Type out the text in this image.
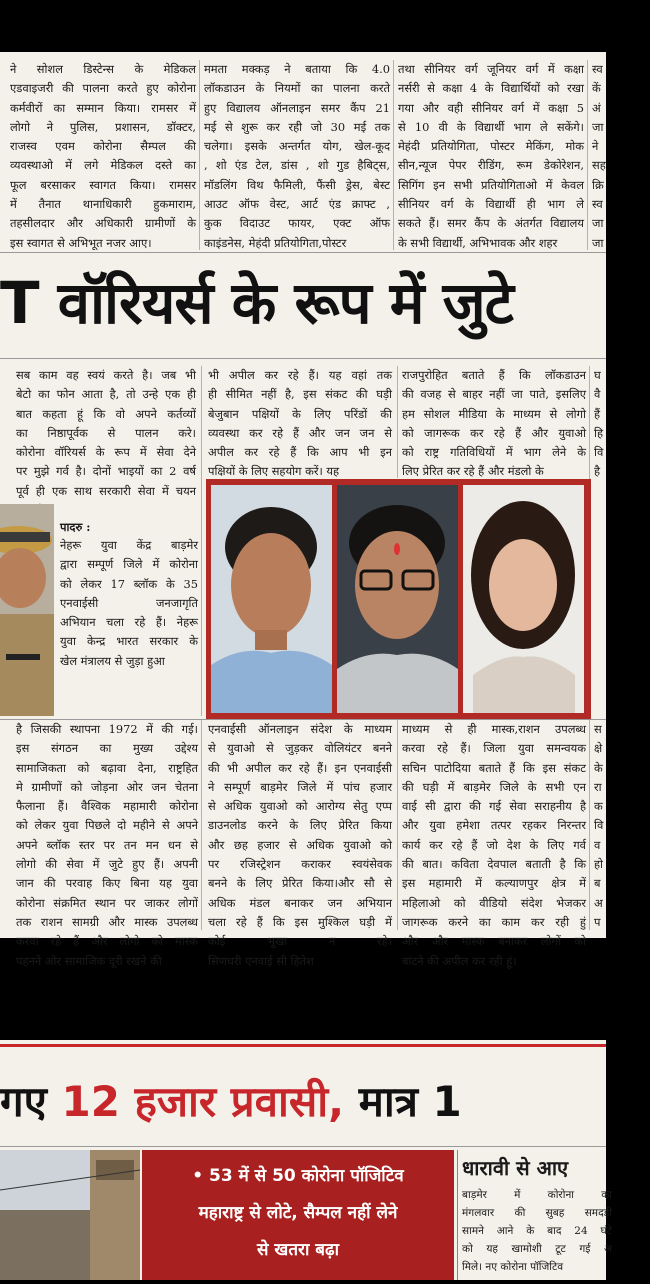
ने सोशल डिस्टेन्स के मेडिकल

एडवाइजरी की पालना करते हुए कोरोना

कर्मवीरों का सम्मान किया। रामसर में

लोगो ने पुलिस, प्रशासन, डॉक्टर,

राजस्व एवम कोरोना सैम्पल की

व्यवस्थाओ में लगे मेडिकल दस्ते का

फूल बरसाकर स्वागत किया। रामसर

में तैनात थानाधिकारी हुकमाराम,

तहसीलदार और अधिकारी ग्रामीणों के

इस स्वागत से अभिभूत नजर आए।

ममता मक्कड़ ने बताया कि 4.0

लॉकडाउन के नियमों का पालना करते

हुए विद्यालय ऑनलाइन समर कैंप 21

मई से शुरू कर रही जो 30 मई तक

चलेगा। इसके अन्तर्गत योग, खेल-कूद

, शो एंड टेल, डांस , शो गुड हैबिट्स,

मॉडलिंग विथ फैमिली, फैंसी ड्रेस, बेस्ट

आउट ऑफ वेस्ट, आर्ट एंड क्राफ्ट ,

कुक विदाउट फायर, एक्ट ऑफ

काइंडनेस, मेहंदी प्रतियोगिता,पोस्टर

तथा सीनियर वर्ग जूनियर वर्ग में कक्षा

नर्सरी से कक्षा 4 के विद्यार्थियों को रखा

गया और वही सीनियर वर्ग में कक्षा 5

से 10 वी के विद्यार्थी भाग ले सकेंगे।

मेहंदी प्रतियोगिता, पोस्टर मेकिंग, मोक

सीन,न्यूज पेपर रीडिंग, रूम डेकोरेशन,

सिगिंग इन सभी प्रतियोगिताओ में केवल

सीनियर वर्ग के विद्यार्थी ही भाग ले

सकते हैं। समर कैंप के अंतर्गत विद्यालय

के सभी विद्यार्थी, अभिभावक और शहर

स्व

कें

अं

जा

ने

सह

क्रि

स्व

जा

जा

T वॉरियर्स के रूप में जुटे

सब काम वह स्वयं करते है। जब भी

बेटो का फोन आता है, तो उन्हे एक ही

बात कहता हूं कि वो अपने कर्तव्यों

का निष्ठापूर्वक से पालन करे।

कोरोना वॉरियर्स के रूप में सेवा देने

पर मुझे गर्व है। दोनों भाइयों का 2 वर्ष

पूर्व ही एक साथ सरकारी सेवा में चयन

भी अपील कर रहे हैं। यह वहां तक

ही सीमित नहीं है, इस संकट की घड़ी

बेजुबान पक्षियों के लिए परिंडों की

व्यवस्था कर रहे हैं और जन जन से

अपील कर रहे हैं कि आप भी इन

पक्षियों के लिए सहयोग करें। यह

राजपुरोहित बताते हैं कि लॉकडाउन

की वजह से बाहर नहीं जा पाते, इसलिए

हम सोशल मीडिया के माध्यम से लोगो

को जागरूक कर रहे हैं और युवाओ

को राष्ट्र गतिविधियों में भाग लेने के

लिए प्रेरित कर रहे हैं और मंडलो के

घ

वै

हैं

हि

वि

है

पादरु :

नेहरू युवा केंद्र बाड़मेर

द्वारा सम्पूर्ण जिले में कोरोना

को लेकर 17 ब्लॉक के 35

एनवाईसी जनजागृति

अभियान चला रहे हैं। नेहरू

युवा केन्द्र भारत सरकार के

खेल मंत्रालय से जुड़ा हुआ

है जिसकी स्थापना 1972 में की गई।

इस संगठन का मुख्य उद्देश्य

सामाजिकता को बढ़ावा देना, राष्ट्रहित

मे ग्रामीणों को जोड़ना ओर जन चेतना

फैलाना हैं। वैश्विक महामारी कोरोना

को लेकर युवा पिछले दो महीने से अपने

अपने ब्लॉक स्तर पर तन मन धन से

लोगो की सेवा में जुटे हुए हैं। अपनी

जान की परवाह किए बिना यह युवा

कोरोना संक्रमित स्थान पर जाकर लोगों

तक राशन सामग्री और मास्क उपलब्ध

करवा रहे हैं और लोगो को मास्क

पहनने ओर सामाजिक दूरी रखने की

एनवाईसी ऑनलाइन संदेश के माध्यम

से युवाओ से जुड़कर वोलियंटर बनने

की भी अपील कर रहे हैं। इन एनवाईसी

ने सम्पूर्ण बाड़मेर जिले में पांच हजार

से अधिक युवाओ को आरोग्य सेतु एप्प

डाउनलोड करने के लिए प्रेरित किया

और छह हजार से अधिक युवाओ को

पर रजिस्ट्रेशन कराकर स्वयंसेवक

बनने के लिए प्रेरित किया।और सौ से

अधिक मंडल बनाकर जन अभियान

चला रहे हैं कि इस मुश्किल घड़ी में

कोई भूखा न रहे।

सिणधरी एनवाई सी हितेश

माध्यम से ही मास्क,राशन उपलब्ध

करवा रहे हैं। जिला युवा समन्वयक

सचिन पाटोदिया बताते हैं कि इस संकट

की घड़ी में बाड़मेर जिले के सभी एन

वाई सी द्वारा की गई सेवा सराहनीय है

और युवा हमेशा तत्पर रहकर निरन्तर

कार्य कर रहे हैं जो देश के लिए गर्व

की बात। कविता देवपाल बताती है कि

इस महामारी में कल्याणपुर क्षेत्र में

महिलाओ को वीडियो संदेश भेजकर

जागरूक करने का काम कर रही हुं

और और मास्क बनाकर लोगों को

बांटने की अपील कर रही हूं।

स

क्षे

के

रा

क

वि

व

हो

ब

अ

प

गए 12 हजार प्रवासी, मात्र 1
• 53 में से 50 कोरोना पॉजिटिव
महाराष्ट्र से लोटे, सैम्पल नहीं लेने
से खतरा बढ़ा
धारावी से आए

बाड़मेर में कोरोना का

मंगलवार की सुबह समदड़ी

सामने आने के बाद 24 घंटे

को यह खामोशी टूट गई अ

मिले। नए कोरोना पॉजिटिव
